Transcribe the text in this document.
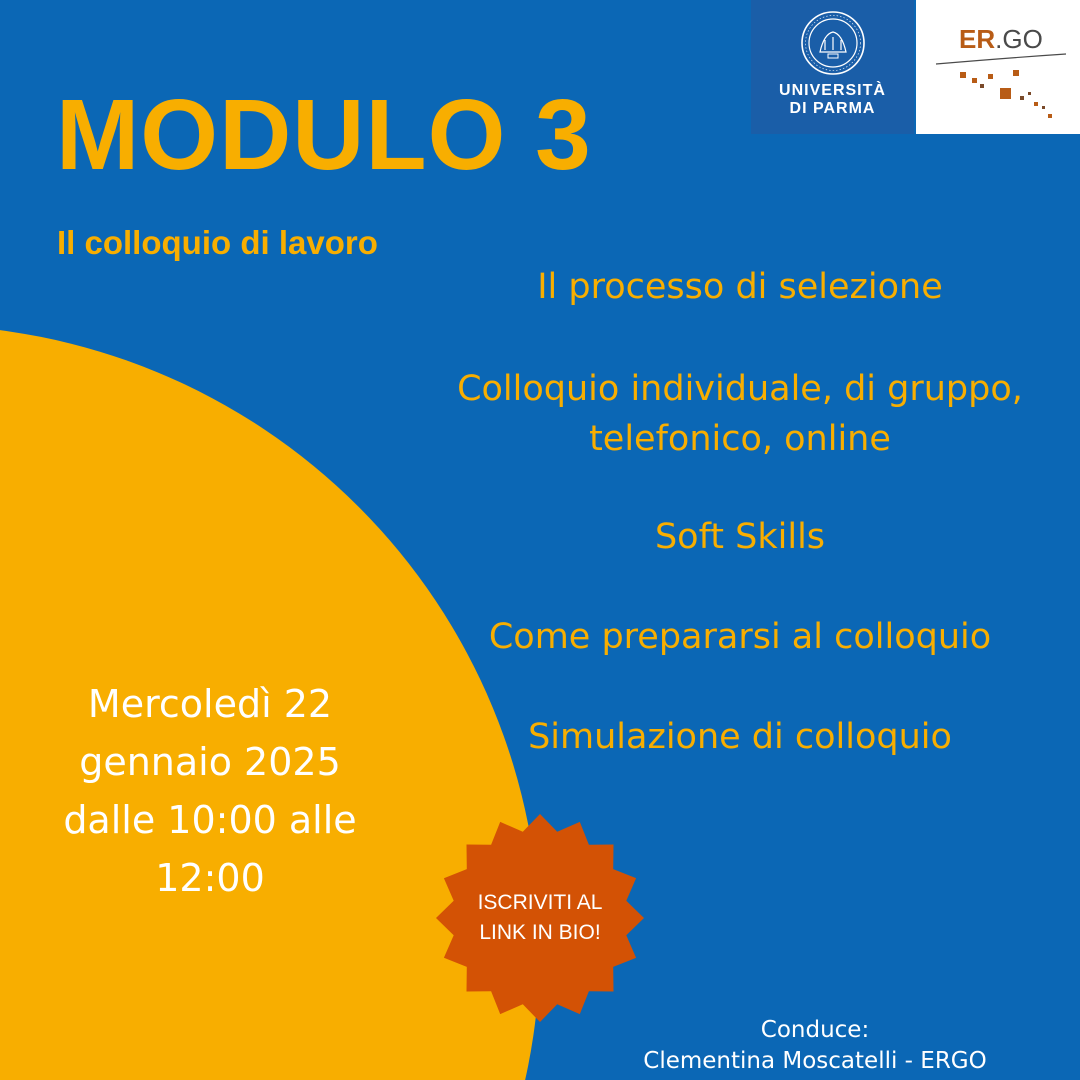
MODULO 3
Il colloquio di lavoro
Il processo di selezione
Colloquio individuale, di gruppo, telefonico, online
Soft Skills
Come prepararsi al colloquio
Simulazione di colloquio
Mercoledì 22
gennaio 2025
dalle 10:00 alle
12:00
ISCRIVITI AL
LINK IN BIO!
UNIVERSITÀ
DI PARMA
ER.GO
Conduce:
Clementina Moscatelli - ERGO
